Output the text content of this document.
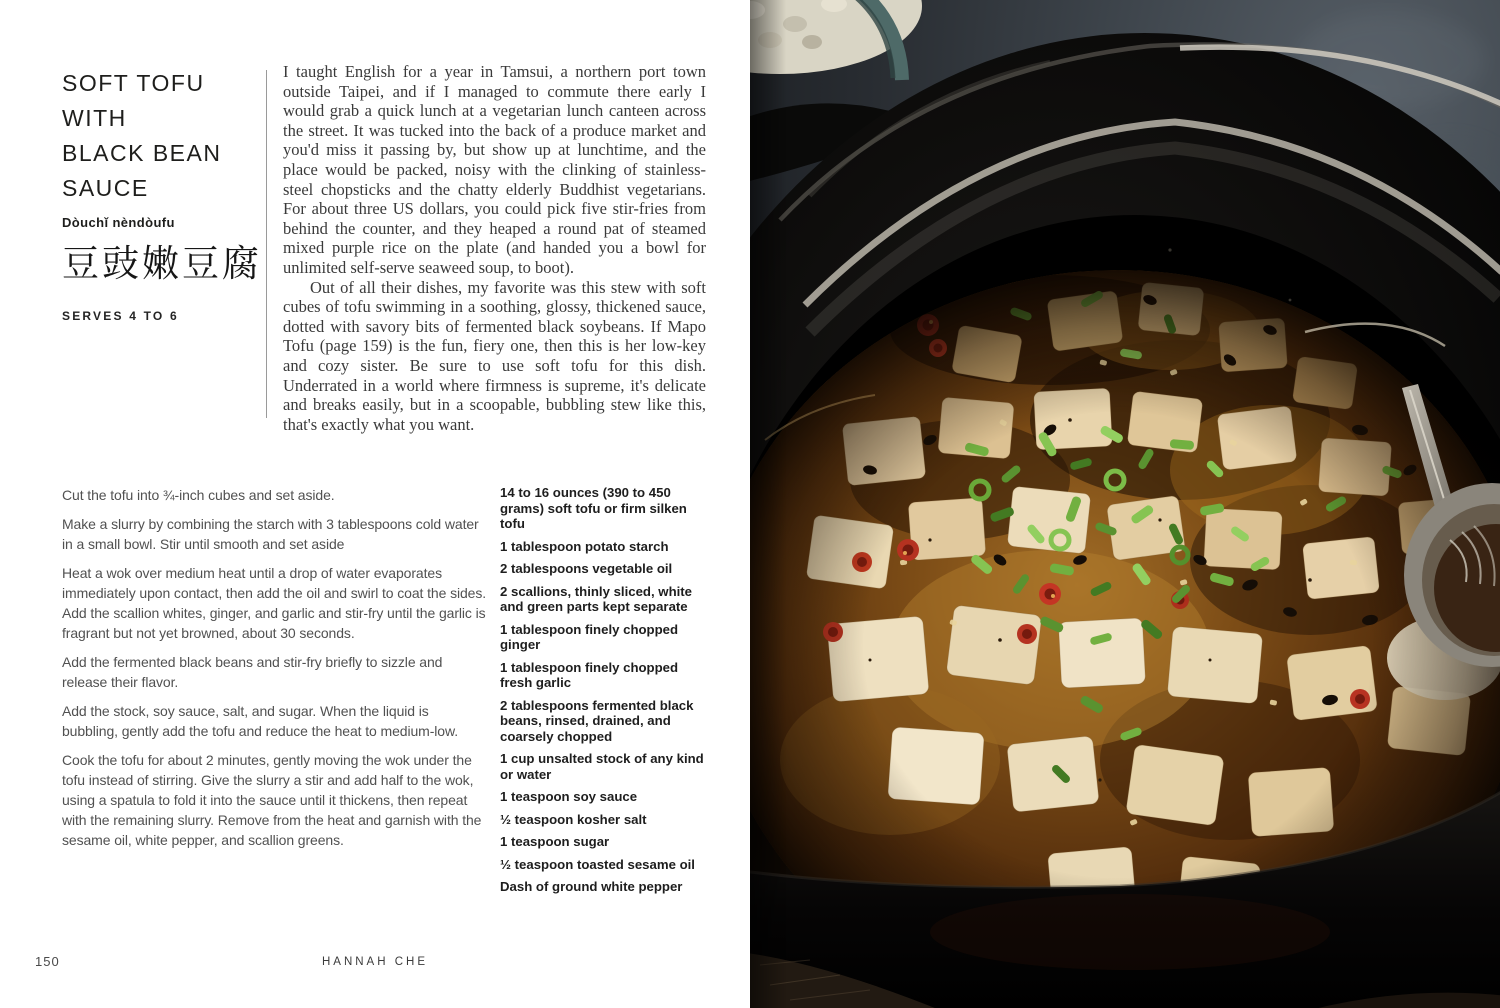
SOFT TOFU
WITH
BLACK BEAN
SAUCE
Dòuchǐ nèndòufu
豆豉嫩豆腐
SERVES 4 TO 6

I taught English for a year in Tamsui, a northern port town outside Taipei, and if I managed to commute there early I would grab a quick lunch at a vegetarian lunch canteen across the street. It was tucked into the back of a produce market and you'd miss it passing by, but show up at lunchtime, and the place would be packed, noisy with the clinking of stainless-steel chopsticks and the chatty elderly Buddhist vegetarians. For about three US dollars, you could pick five stir-fries from behind the counter, and they heaped a round pat of steamed mixed purple rice on the plate (and handed you a bowl for unlimited self-serve seaweed soup, to boot).

Out of all their dishes, my favorite was this stew with soft cubes of tofu swimming in a soothing, glossy, thickened sauce, dotted with savory bits of fermented black soybeans. If Mapo Tofu (page 159) is the fun, fiery one, then this is her low-key and cozy sister. Be sure to use soft tofu for this dish. Underrated in a world where firmness is supreme, it's delicate and breaks easily, but in a scoopable, bubbling stew like this, that's exactly what you want.

Cut the tofu into ¾-inch cubes and set aside.

Make a slurry by combining the starch with 3 tablespoons cold water in a small bowl. Stir until smooth and set aside

Heat a wok over medium heat until a drop of water evaporates immediately upon contact, then add the oil and swirl to coat the sides. Add the scallion whites, ginger, and garlic and stir-fry until the garlic is fragrant but not yet browned, about 30 seconds.

Add the fermented black beans and stir-fry briefly to sizzle and release their flavor.

Add the stock, soy sauce, salt, and sugar. When the liquid is bubbling, gently add the tofu and reduce the heat to medium-low.

Cook the tofu for about 2 minutes, gently moving the wok under the tofu instead of stirring. Give the slurry a stir and add half to the wok, using a spatula to fold it into the sauce until it thickens, then repeat with the remaining slurry. Remove from the heat and garnish with the sesame oil, white pepper, and scallion greens.

14 to 16 ounces (390 to 450 grams) soft tofu or firm silken tofu

1 tablespoon potato starch

2 tablespoons vegetable oil

2 scallions, thinly sliced, white and green parts kept separate

1 tablespoon finely chopped ginger

1 tablespoon finely chopped fresh garlic

2 tablespoons fermented black beans, rinsed, drained, and coarsely chopped

1 cup unsalted stock of any kind or water

1 teaspoon soy sauce

½ teaspoon kosher salt

1 teaspoon sugar

½ teaspoon toasted sesame oil

Dash of ground white pepper

150	HANNAH CHE
